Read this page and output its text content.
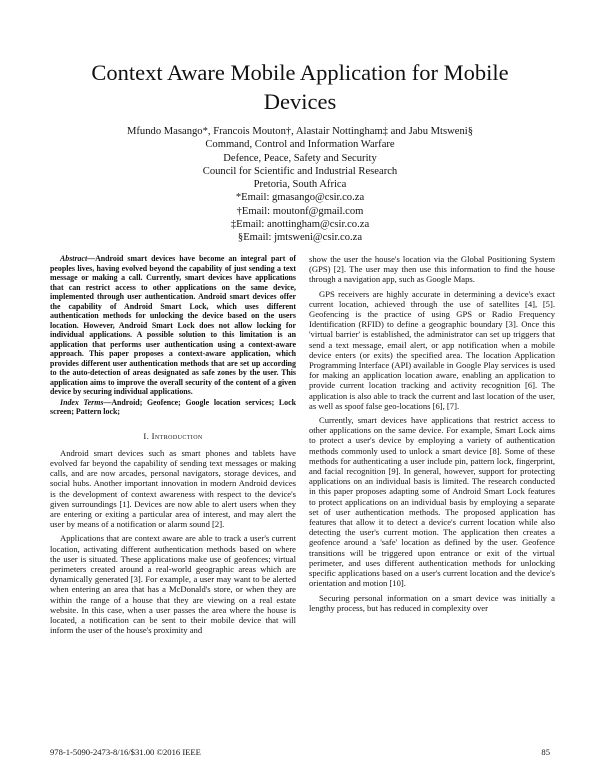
Context Aware Mobile Application for Mobile
Devices
Mfundo Masango*, Francois Mouton†, Alastair Nottingham‡ and Jabu Mtsweni§
Command, Control and Information Warfare
Defence, Peace, Safety and Security
Council for Scientific and Industrial Research
Pretoria, South Africa
*Email: gmasango@csir.co.za
†Email: moutonf@gmail.com
‡Email: anottingham@csir.co.za
§Email: jmtsweni@csir.co.za

Abstract—Android smart devices have become an integral part of peoples lives, having evolved beyond the capability of just sending a text message or making a call. Currently, smart devices have applications that can restrict access to other applications on the same device, implemented through user authentication. Android smart devices offer the capability of Android Smart Lock, which uses different authentication methods for unlocking the device based on the users location. However, Android Smart Lock does not allow locking for individual applications. A possible solution to this limitation is an application that performs user authentication using a context-aware approach. This paper proposes a context-aware application, which provides different user authentication methods that are set up according to the auto-detection of areas designated as safe zones by the user. This application aims to improve the overall security of the content of a given device by securing individual applications.

Index Terms—Android; Geofence; Google location services; Lock screen; Pattern lock;

I. Introduction

Android smart devices such as smart phones and tablets have evolved far beyond the capability of sending text messages or making calls, and are now arcades, personal navigators, storage devices, and social hubs. Another important innovation in modern Android devices is the development of context awareness with respect to the device's given surroundings [1]. Devices are now able to alert users when they are entering or exiting a particular area of interest, and may alert the user by means of a notification or alarm sound [2].

Applications that are context aware are able to track a user's current location, activating different authentication methods based on where the user is situated. These applications make use of geofences; virtual perimeters created around a real-world geographic areas which are dynamically generated [3]. For example, a user may want to be alerted when entering an area that has a McDonald's store, or when they are within the range of a house that they are viewing on a real estate website. In this case, when a user passes the area where the house is located, a notification can be sent to their mobile device that will inform the user of the house's proximity and

show the user the house's location via the Global Positioning System (GPS) [2]. The user may then use this information to find the house through a navigation app, such as Google Maps.

GPS receivers are highly accurate in determining a device's exact current location, achieved through the use of satellites [4], [5]. Geofencing is the practice of using GPS or Radio Frequency Identification (RFID) to define a geographic boundary [3]. Once this 'virtual barrier' is established, the administrator can set up triggers that send a text message, email alert, or app notification when a mobile device enters (or exits) the specified area. The location Application Programming Interface (API) available in Google Play services is used for making an application location aware, enabling an application to provide current location tracking and activity recognition [6]. The application is also able to track the current and last location of the user, as well as spoof false geo-locations [6], [7].

Currently, smart devices have applications that restrict access to other applications on the same device. For example, Smart Lock aims to protect a user's device by employing a variety of authentication methods commonly used to unlock a smart device [8]. Some of these methods for authenticating a user include pin, pattern lock, fingerprint, and facial recognition [9]. In general, however, support for protecting applications on an individual basis is limited. The research conducted in this paper proposes adapting some of Android Smart Lock features to protect applications on an individual basis by employing a separate set of user authentication methods. The proposed application has features that allow it to detect a device's current location while also detecting the user's current motion. The application then creates a geofence around a 'safe' location as defined by the user. Geofence transitions will be triggered upon entrance or exit of the virtual perimeter, and uses different authentication methods for unlocking specific applications based on a user's current location and the device's orientation and motion [10].

Securing personal information on a smart device was initially a lengthy process, but has reduced in complexity over

978-1-5090-2473-8/16/$31.00 ©2016 IEEE	85
